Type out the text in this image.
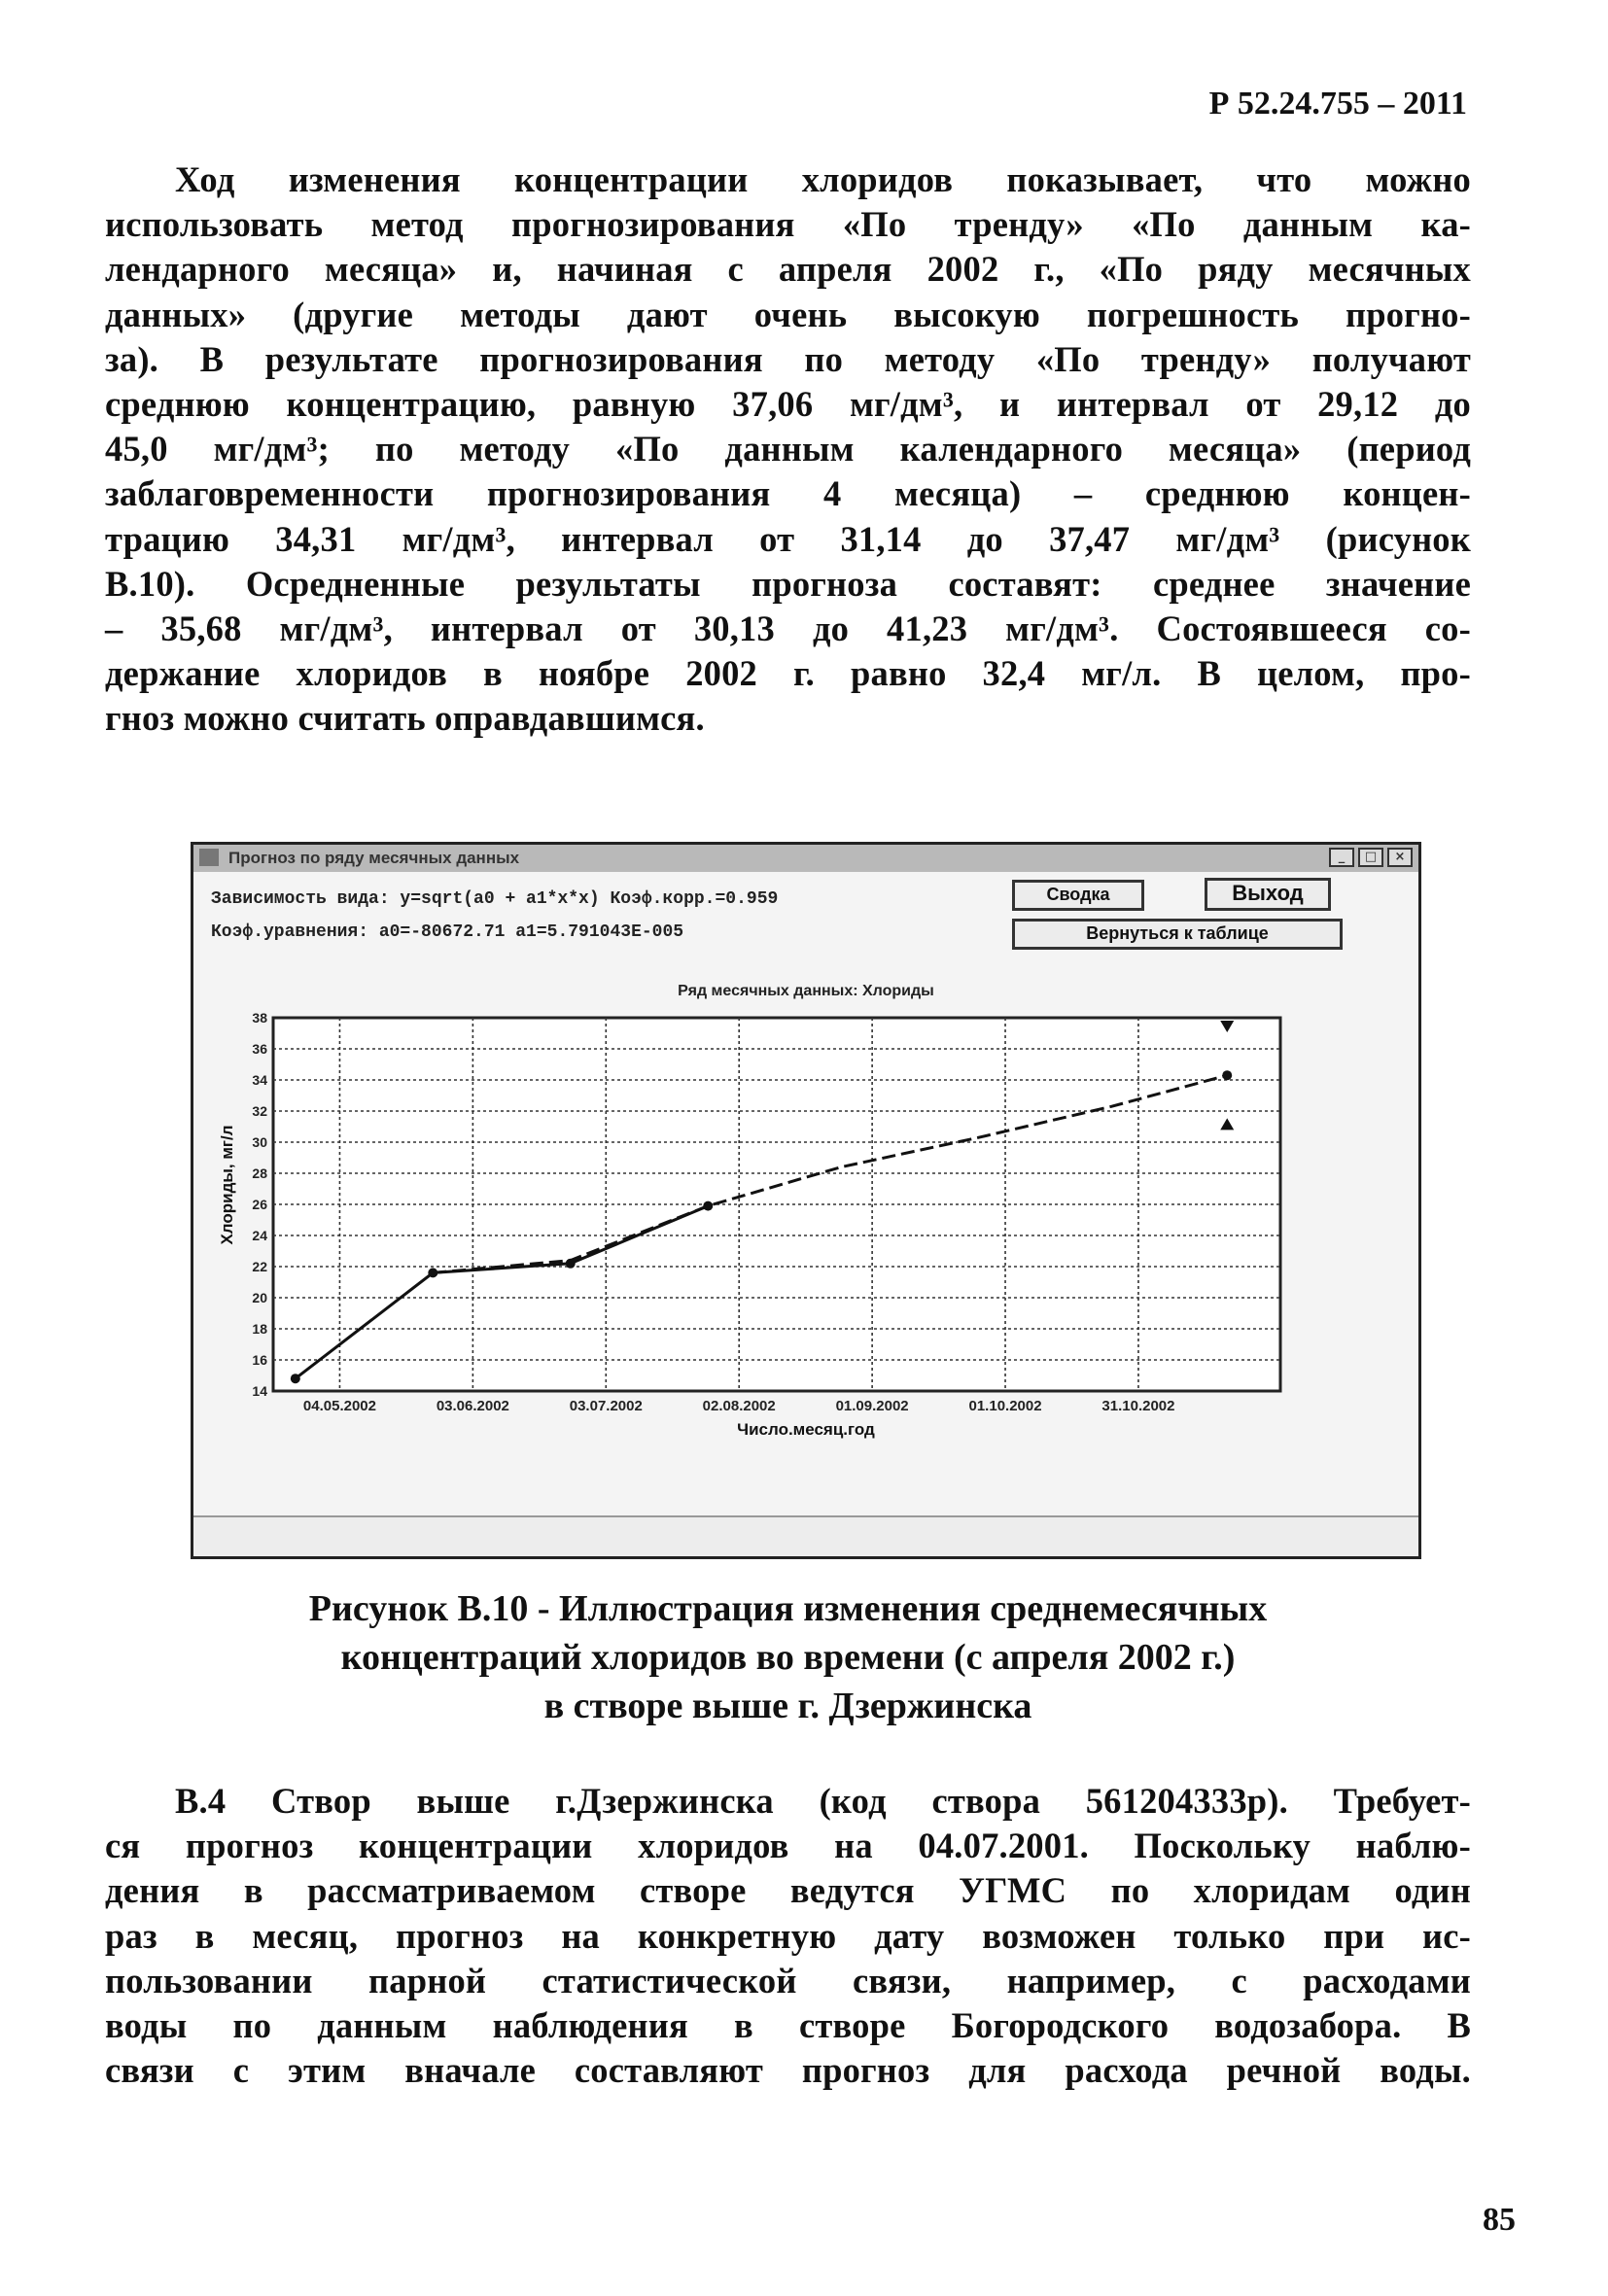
Р 52.24.755 – 2011
Ход изменения концентрации хлоридов показывает, что можно
использовать метод прогнозирования «По тренду» «По данным ка-
лендарного месяца» и, начиная с апреля 2002 г., «По ряду месячных
данных» (другие методы дают очень высокую погрешность прогно-
за). В результате прогнозирования по методу «По тренду» получают
среднюю концентрацию, равную 37,06 мг/дм³, и интервал от 29,12 до
45,0 мг/дм³; по методу «По данным календарного месяца» (период
заблаговременности прогнозирования 4 месяца) – среднюю концен-
трацию 34,31 мг/дм³, интервал от 31,14 до 37,47 мг/дм³ (рисунок
В.10). Осредненные результаты прогноза составят: среднее значение
– 35,68 мг/дм³, интервал от 30,13 до 41,23 мг/дм³. Состоявшееся со-
держание хлоридов в ноябре 2002 г. равно 32,4 мг/л. В целом, про-
гноз можно считать оправдавшимся.
Прогноз по ряду месячных данных	_	□	×
Зависимость вида: y=sqrt(a0 + a1*x*x) Коэф.корр.=0.959
Коэф.уравнения: a0=-80672.71 a1=5.791043E-005
Сводка	Выход
Вернуться к таблице
Ряд месячных данных: Хлориды
Хлориды, мг/л
14
16
18
20
22
24
26
28
30
32
34
36
38
04.05.2002	03.06.2002	03.07.2002	02.08.2002	01.09.2002	01.10.2002	31.10.2002
Число.месяц.год
Рисунок В.10 - Иллюстрация изменения среднемесячных
концентраций хлоридов во времени (с апреля 2002 г.)
в створе выше г. Дзержинска
В.4 Створ выше г.Дзержинска (код створа 561204333р). Требует-
ся прогноз концентрации хлоридов на 04.07.2001. Поскольку наблю-
дения в рассматриваемом створе ведутся УГМС по хлоридам один
раз в месяц, прогноз на конкретную дату возможен только при ис-
пользовании парной статистической связи, например, с расходами
воды по данным наблюдения в створе Богородского водозабора. В
связи с этим вначале составляют прогноз для расхода речной воды.
85
